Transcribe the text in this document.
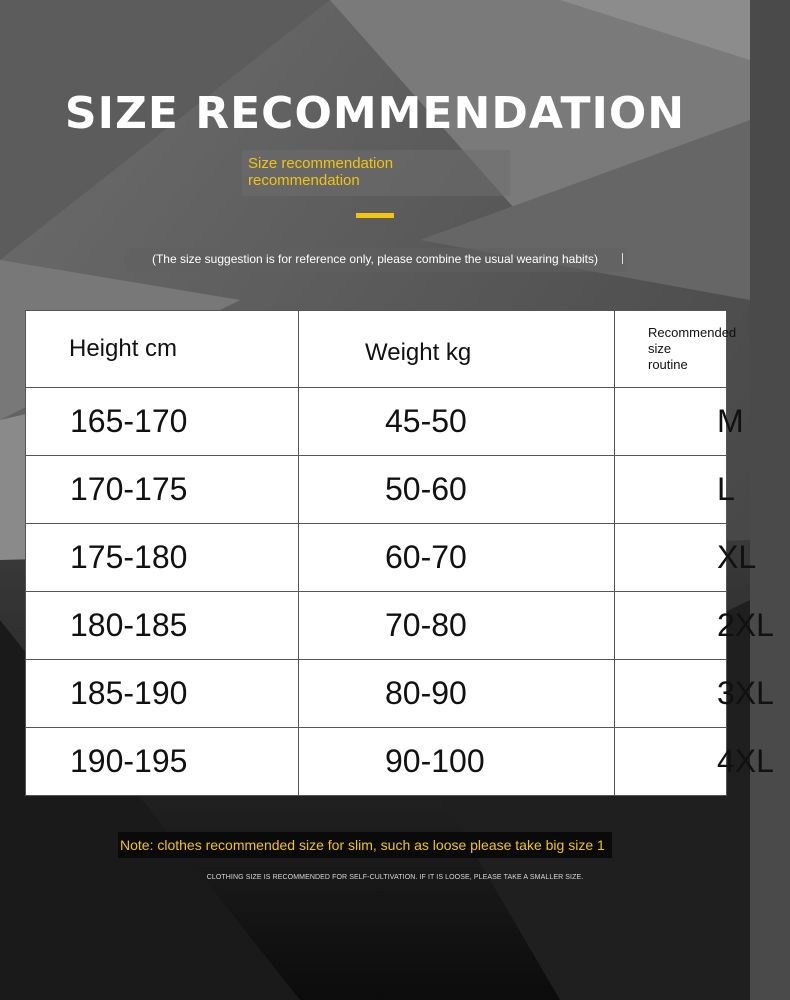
SIZE RECOMMENDATION
Size recommendation
recommendation
(The size suggestion is for reference only, please combine the usual wearing habits)
Height cm	Weight kg	Recommended size
routine

165-170	45-50	M
170-175	50-60	L
175-180	60-70	XL
180-185	70-80	2XL
185-190	80-90	3XL
190-195	90-100	4XL
Note: clothes recommended size for slim, such as loose please take big size 1
CLOTHING SIZE IS RECOMMENDED FOR SELF-CULTIVATION. IF IT IS LOOSE, PLEASE TAKE A SMALLER SIZE.
